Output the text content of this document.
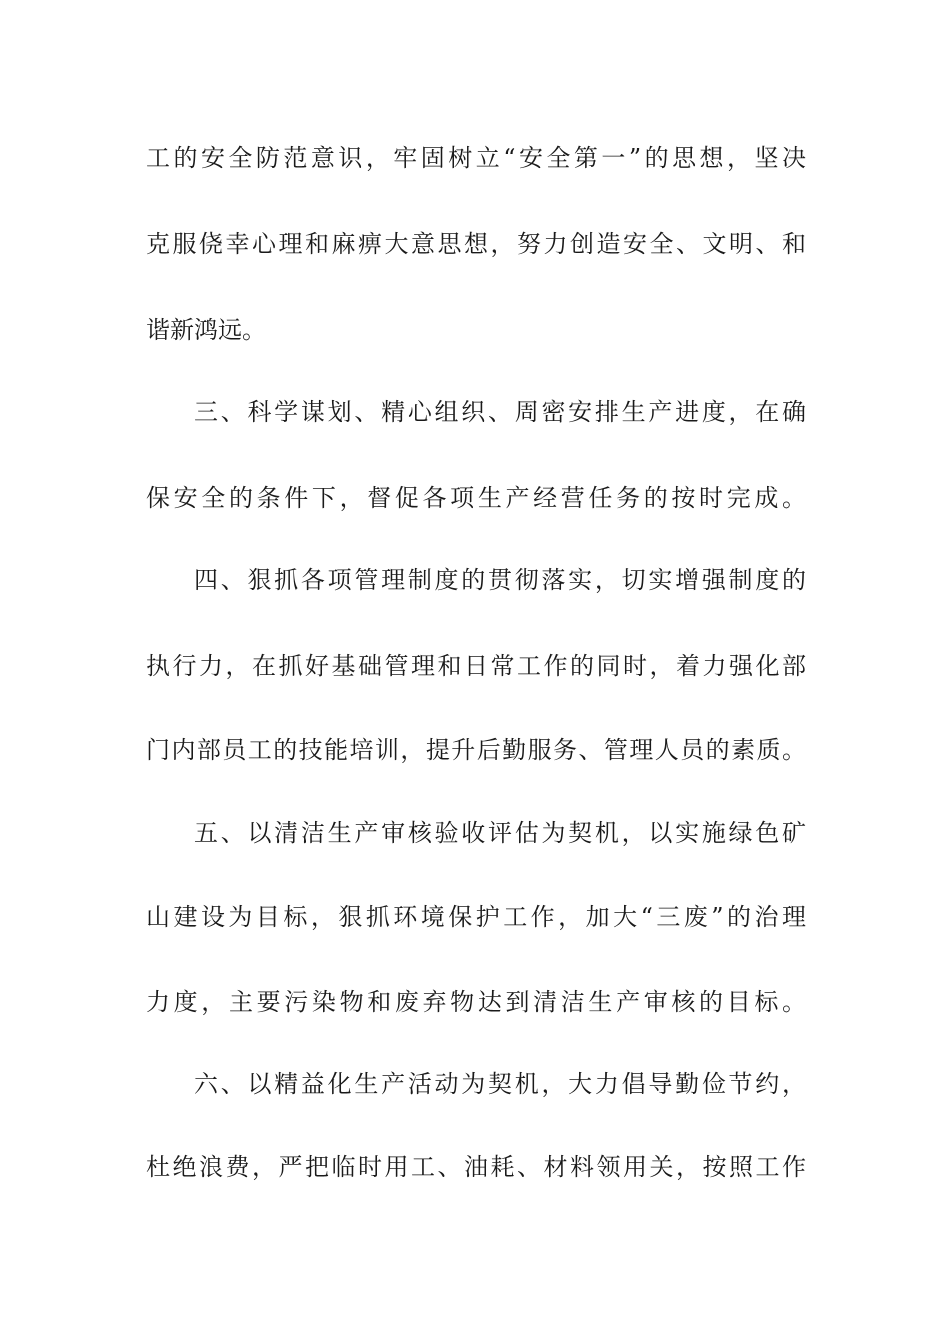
工的安全防范意识，牢固树立“安全第一”的思想，坚决
克服侥幸心理和麻痹大意思想，努力创造安全、文明、和
谐新鸿远。
三、科学谋划、精心组织、周密安排生产进度，在确
保安全的条件下，督促各项生产经营任务的按时完成。
四、狠抓各项管理制度的贯彻落实，切实增强制度的
执行力，在抓好基础管理和日常工作的同时，着力强化部
门内部员工的技能培训，提升后勤服务、管理人员的素质。
五、以清洁生产审核验收评估为契机，以实施绿色矿
山建设为目标，狠抓环境保护工作，加大“三废”的治理
力度，主要污染物和废弃物达到清洁生产审核的目标。
六、以精益化生产活动为契机，大力倡导勤俭节约，
杜绝浪费，严把临时用工、油耗、材料领用关，按照工作
